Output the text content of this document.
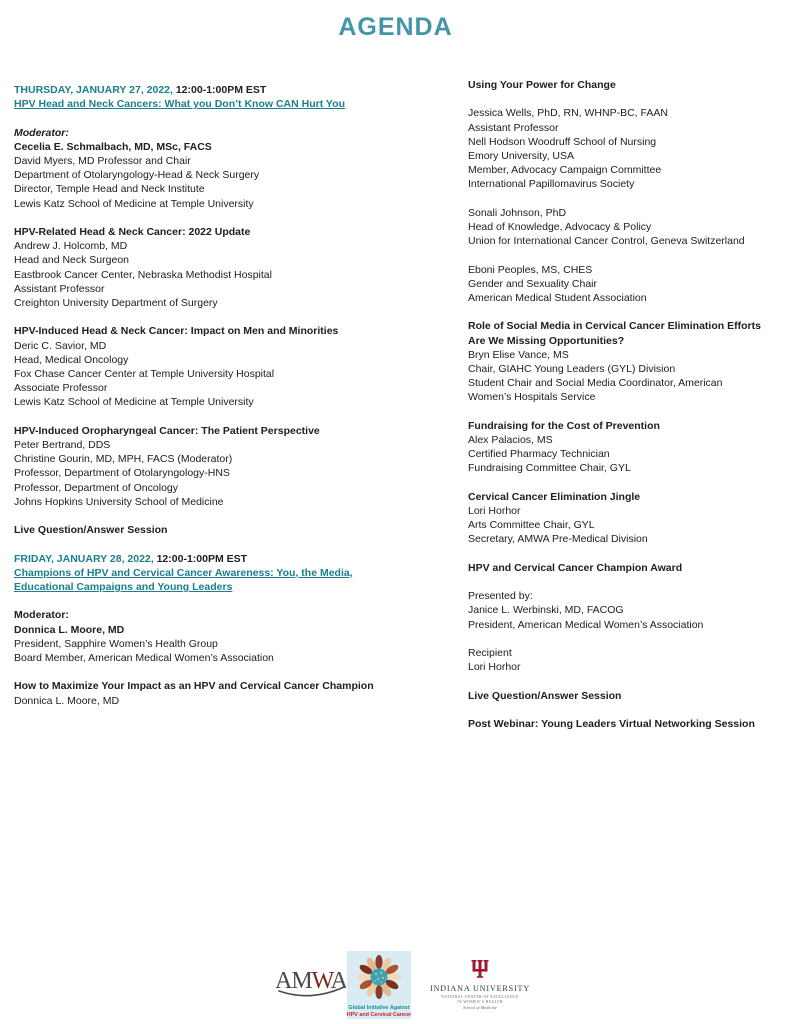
AGENDA
THURSDAY, JANUARY 27, 2022, 12:00-1:00PM EST
HPV Head and Neck Cancers: What you Don’t Know CAN Hurt You
Moderator:
Cecelia E. Schmalbach, MD, MSc, FACS
David Myers, MD Professor and Chair
Department of Otolaryngology-Head & Neck Surgery
Director, Temple Head and Neck Institute
Lewis Katz School of Medicine at Temple University
HPV-Related Head & Neck Cancer: 2022 Update
Andrew J. Holcomb, MD
Head and Neck Surgeon
Eastbrook Cancer Center, Nebraska Methodist Hospital
Assistant Professor
Creighton University Department of Surgery
HPV-Induced Head & Neck Cancer: Impact on Men and Minorities
Deric C. Savior, MD
Head, Medical Oncology
Fox Chase Cancer Center at Temple University Hospital
Associate Professor
Lewis Katz School of Medicine at Temple University
HPV-Induced Oropharyngeal Cancer: The Patient Perspective
Peter Bertrand, DDS
Christine Gourin, MD, MPH, FACS (Moderator)
Professor, Department of Otolaryngology-HNS
Professor, Department of Oncology
Johns Hopkins University School of Medicine
Live Question/Answer Session
FRIDAY, JANUARY 28, 2022, 12:00-1:00PM EST
Champions of HPV and Cervical Cancer Awareness: You, the Media,
Educational Campaigns and Young Leaders
Moderator:
Donnica L. Moore, MD
President, Sapphire Women’s Health Group
Board Member, American Medical Women’s Association
How to Maximize Your Impact as an HPV and Cervical Cancer Champion
Donnica L. Moore, MD
Using Your Power for Change
Jessica Wells, PhD, RN, WHNP-BC, FAAN
Assistant Professor
Nell Hodson Woodruff School of Nursing
Emory University, USA
Member, Advocacy Campaign Committee
International Papillomavirus Society
Sonali Johnson, PhD
Head of Knowledge, Advocacy & Policy
Union for International Cancer Control, Geneva Switzerland
Eboni Peoples, MS, CHES
Gender and Sexuality Chair
American Medical Student Association
Role of Social Media in Cervical Cancer Elimination Efforts
Are We Missing Opportunities?
Bryn Elise Vance, MS
Chair, GIAHC Young Leaders (GYL) Division
Student Chair and Social Media Coordinator, American
Women’s Hospitals Service
Fundraising for the Cost of Prevention
Alex Palacios, MS
Certified Pharmacy Technician
Fundraising Committee Chair, GYL
Cervical Cancer Elimination Jingle
Lori Horhor
Arts Committee Chair, GYL
Secretary, AMWA Pre-Medical Division
HPV and Cervical Cancer Champion Award
Presented by:
Janice L. Werbinski, MD, FACOG
President, American Medical Women’s Association
Recipient
Lori Horhor
Live Question/Answer Session
Post Webinar: Young Leaders Virtual Networking Session
AMWA
Global Initiative Against
HPV and Cervical Cancer
INDIANA UNIVERSITY
NATIONAL CENTER OF EXCELLENCE
IN WOMEN’S HEALTH
School of Medicine
